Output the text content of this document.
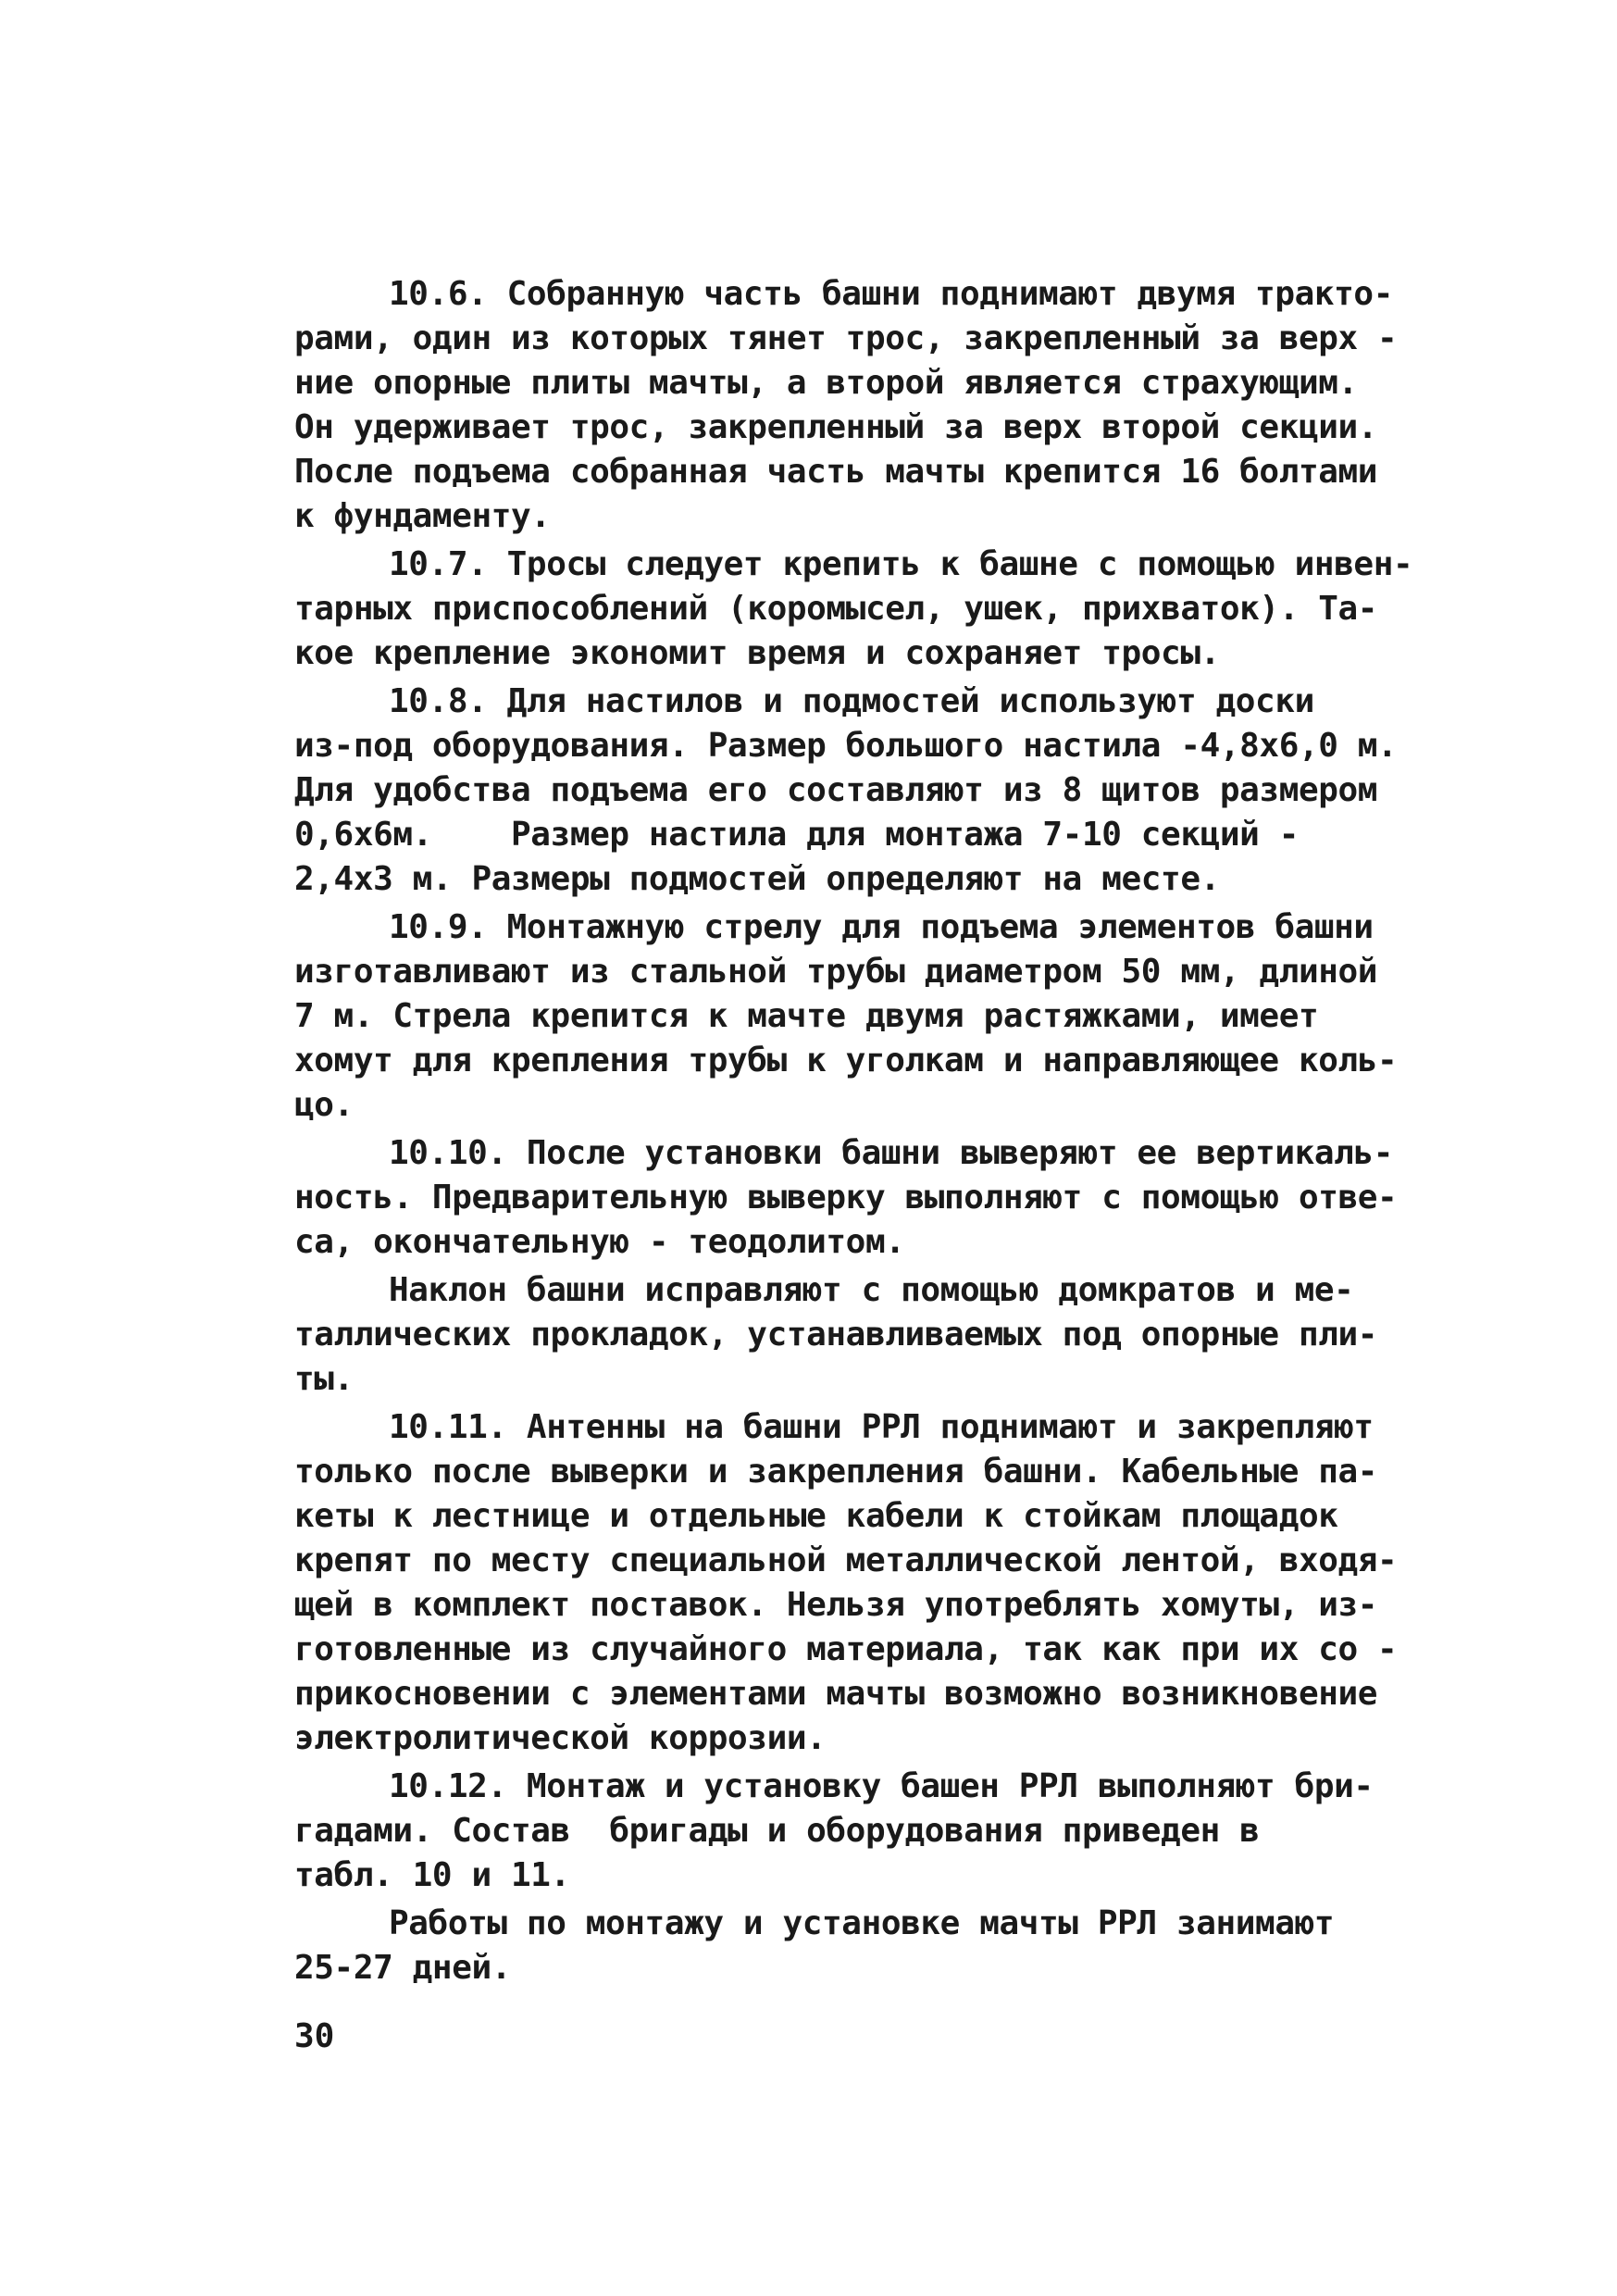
10.6. Собранную часть башни поднимают двумя тракто-
рами, один из которых тянет трос, закрепленный за верх -
ние опорные плиты мачты, а второй является страхующим.
Он удерживает трос, закрепленный за верх второй секции.
После подъема собранная часть мачты крепится 16 болтами
к фундаменту.
10.7. Тросы следует крепить к башне с помощью инвен-
тарных приспособлений (коромысел, ушек, прихваток). Та-
кое крепление экономит время и сохраняет тросы.
10.8. Для настилов и подмостей используют доски
из-под оборудования. Размер большого настила -4,8х6,0 м.
Для удобства подъема его составляют из 8 щитов размером
0,6х6м.    Размер настила для монтажа 7-10 секций -
2,4х3 м. Размеры подмостей определяют на месте.
10.9. Монтажную стрелу для подъема элементов башни
изготавливают из стальной трубы диаметром 50 мм, длиной
7 м. Стрела крепится к мачте двумя растяжками, имеет
хомут для крепления трубы к уголкам и направляющее коль-
цо.
10.10. После установки башни выверяют ее вертикаль-
ность. Предварительную выверку выполняют с помощью отве-
са, окончательную - теодолитом.
Наклон башни исправляют с помощью домкратов и ме-
таллических прокладок, устанавливаемых под опорные пли-
ты.
10.11. Антенны на башни РРЛ поднимают и закрепляют
только после выверки и закрепления башни. Кабельные па-
кеты к лестнице и отдельные кабели к стойкам площадок
крепят по месту специальной металлической лентой, входя-
щей в комплект поставок. Нельзя употреблять хомуты, из-
готовленные из случайного материала, так как при их со -
прикосновении с элементами мачты возможно возникновение
электролитической коррозии.
10.12. Монтаж и установку башен РРЛ выполняют бри-
гадами. Состав  бригады и оборудования приведен в
табл. 10 и 11.
Работы по монтажу и установке мачты РРЛ занимают
25-27 дней.
30
